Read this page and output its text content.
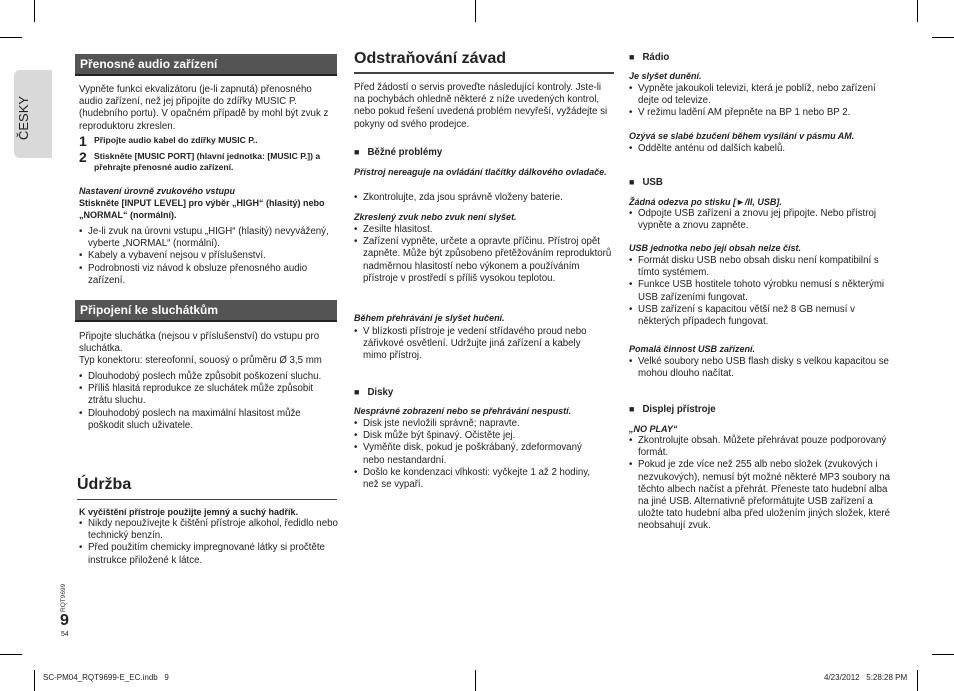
ČESKY
RQT9699
9
54
SC-PM04_RQT9699-E_EC.indb   9	4/23/2012   5:28:28 PM
Přenosné audio zařízení
Vypněte funkci ekvalizátoru (je-li zapnutá) přenosného audio zařízení, než jej připojíte do zdířky MUSIC P. (hudebního portu). V opačném případě by mohl být zvuk z reproduktoru zkreslen.
1 Připojte audio kabel do zdířky MUSIC P..
2 Stiskněte [MUSIC PORT] (hlavní jednotka: [MUSIC P.]) a přehrajte přenosné audio zařízení.
Nastavení úrovně zvukového vstupu
Stiskněte [INPUT LEVEL] pro výběr „HIGH“ (hlasitý) nebo „NORMAL“ (normální).
• Je-li zvuk na úrovni vstupu „HIGH“ (hlasitý) nevyvážený, vyberte „NORMAL“ (normální).
• Kabely a vybavení nejsou v příslušenství.
• Podrobnosti viz návod k obsluze přenosného audio zařízení.
Připojení ke sluchátkům
Připojte sluchátka (nejsou v příslušenství) do vstupu pro sluchátka.
Typ konektoru: stereofonní, souosý o průměru Ø 3,5 mm
• Dlouhodobý poslech může způsobit poškození sluchu.
• Příliš hlasitá reprodukce ze sluchátek může způsobit ztrátu sluchu.
• Dlouhodobý poslech na maximální hlasitost může poškodit sluch uživatele.
Údržba
K vyčištění přístroje použijte jemný a suchý hadřík.
• Nikdy nepoužívejte k čištění přístroje alkohol, ředidlo nebo technický benzín.
• Před použitím chemicky impregnované látky si pročtěte instrukce přiložené k látce.
Odstraňování závad
Před žádostí o servis proveďte následující kontroly. Jste-li na pochybách ohledně některé z níže uvedených kontrol, nebo pokud řešení uvedená problém nevyřeší, vyžádejte si pokyny od svého prodejce.
■ Běžné problémy
Přístroj nereaguje na ovládání tlačítky dálkového ovladače.
• Zkontrolujte, zda jsou správně vloženy baterie.
Zkreslený zvuk nebo zvuk není slyšet.
• Zesilte hlasitost.
• Zařízení vypněte, určete a opravte příčinu. Přístroj opět zapněte. Může být způsobeno přetěžováním reproduktorů nadměrnou hlasitostí nebo výkonem a používáním přístroje v prostředí s příliš vysokou teplotou.
Během přehrávání je slyšet hučení.
• V blízkosti přístroje je vedení střídavého proud nebo zářivkové osvětlení. Udržujte jiná zařízení a kabely mimo přístroj.
■ Disky
Nesprávné zobrazení nebo se přehrávání nespustí.
• Disk jste nevložili správně; napravte.
• Disk může být špinavý. Očistěte jej.
• Vyměňte disk, pokud je poškrábaný, zdeformovaný nebo nestandardní.
• Došlo ke kondenzaci vlhkosti: vyčkejte 1 až 2 hodiny, než se vypaří.
■ Rádio
Je slyšet dunění.
• Vypněte jakoukoli televizi, která je poblíž, nebo zařízení dejte od televize.
• V režimu ladění AM přepněte na BP 1 nebo BP 2.
Ozývá se slabé bzučení během vysílání v pásmu AM.
• Oddělte anténu od dalších kabelů.
■ USB
Žádná odezva po stisku [►/II, USB].
• Odpojte USB zařízení a znovu jej připojte. Nebo přístroj vypněte a znovu zapněte.
USB jednotka nebo její obsah nelze číst.
• Formát disku USB nebo obsah disku není kompatibilní s tímto systémem.
• Funkce USB hostitele tohoto výrobku nemusí s některými USB zařízeními fungovat.
• USB zařízení s kapacitou větší než 8 GB nemusí v některých případech fungovat.
Pomalá činnost USB zařízení.
• Velké soubory nebo USB flash disky s velkou kapacitou se mohou dlouho načítat.
■ Displej přístroje
„NO PLAY“
• Zkontrolujte obsah. Můžete přehrávat pouze podporovaný formát.
• Pokud je zde více než 255 alb nebo složek (zvukových i nezvukových), nemusí být možné některé MP3 soubory na těchto albech načíst a přehrát. Přeneste tato hudební alba na jiné USB. Alternativně přeformátujte USB zařízení a uložte tato hudební alba před uložením jiných složek, které neobsahují zvuk.
